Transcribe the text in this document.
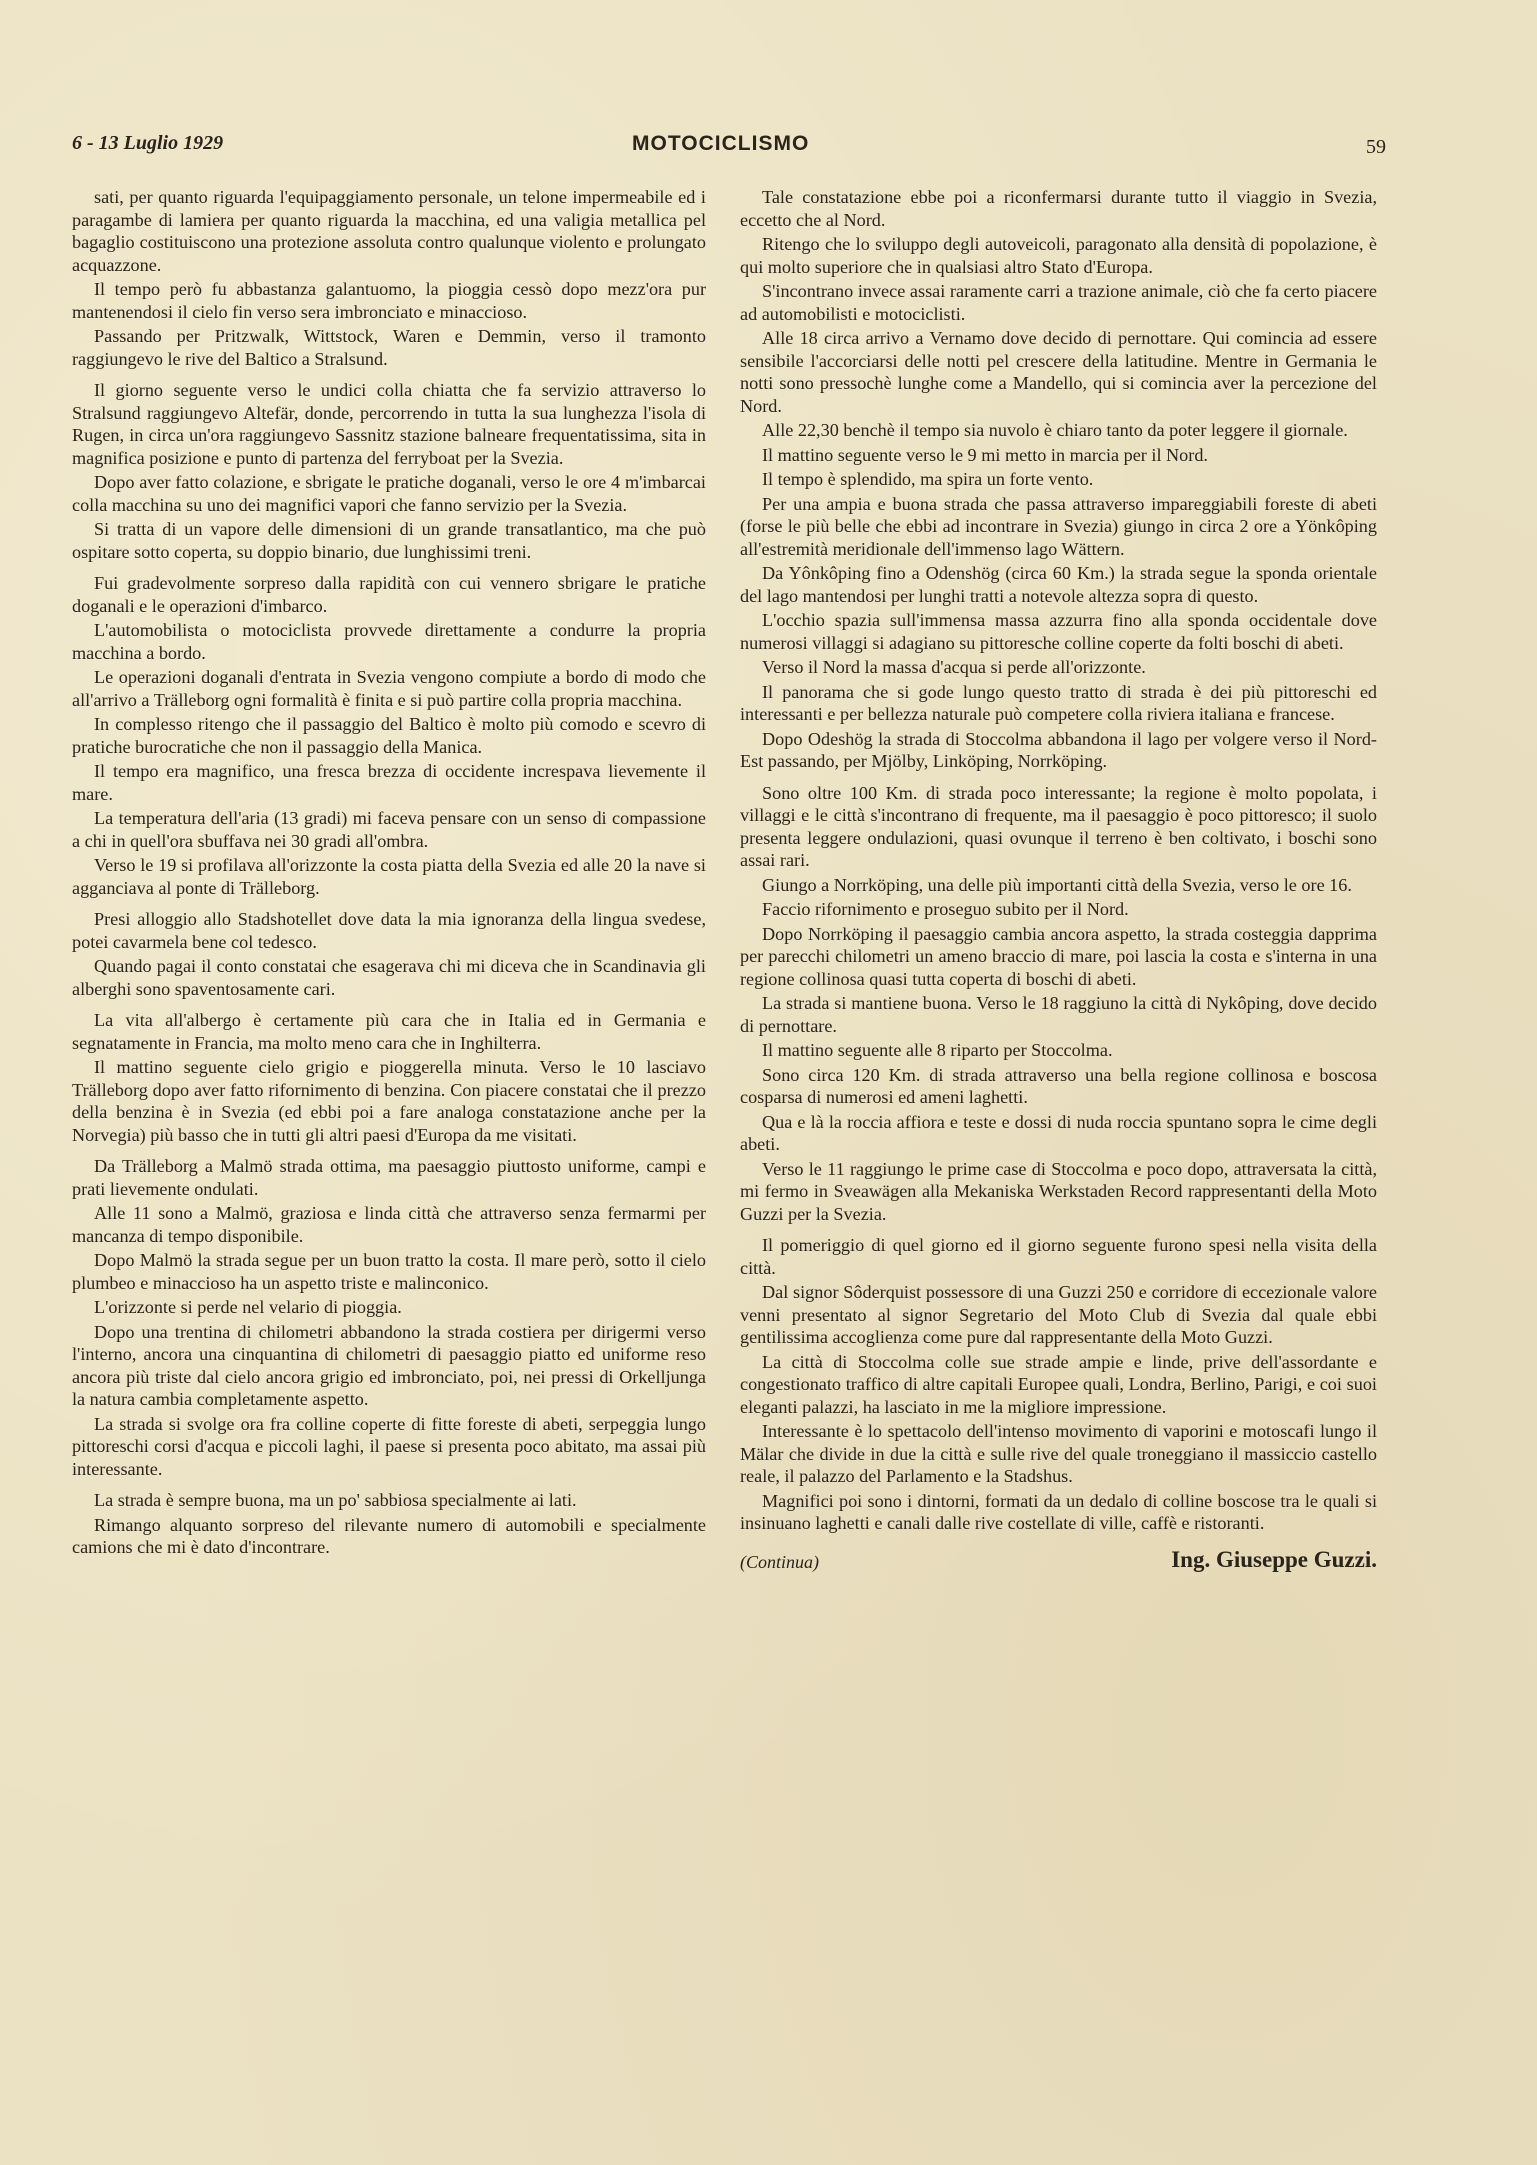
6 - 13 Luglio 1929	MOTOCICLISMO	59

sati, per quanto riguarda l'equipaggiamento personale, un telone impermeabile ed i paragambe di lamiera per quanto riguarda la macchina, ed una valigia metallica pel bagaglio costituiscono una protezione assoluta contro qualunque violento e prolungato acquazzone.

Il tempo però fu abbastanza galantuomo, la pioggia cessò dopo mezz'ora pur mantenendosi il cielo fin verso sera imbronciato e minaccioso.

Passando per Pritzwalk, Wittstock, Waren e Demmin, verso il tramonto raggiungevo le rive del Baltico a Stralsund.

Il giorno seguente verso le undici colla chiatta che fa servizio attraverso lo Stralsund raggiungevo Altefär, donde, percorrendo in tutta la sua lunghezza l'isola di Rugen, in circa un'ora raggiungevo Sassnitz stazione balneare frequentatissima, sita in magnifica posizione e punto di partenza del ferryboat per la Svezia.

Dopo aver fatto colazione, e sbrigate le pratiche doganali, verso le ore 4 m'imbarcai colla macchina su uno dei magnifici vapori che fanno servizio per la Svezia.

Si tratta di un vapore delle dimensioni di un grande transatlantico, ma che può ospitare sotto coperta, su doppio binario, due lunghissimi treni.

Fui gradevolmente sorpreso dalla rapidità con cui vennero sbrigare le pratiche doganali e le operazioni d'imbarco.

L'automobilista o motociclista provvede direttamente a condurre la propria macchina a bordo.

Le operazioni doganali d'entrata in Svezia vengono compiute a bordo di modo che all'arrivo a Trälleborg ogni formalità è finita e si può partire colla propria macchina.

In complesso ritengo che il passaggio del Baltico è molto più comodo e scevro di pratiche burocratiche che non il passaggio della Manica.

Il tempo era magnifico, una fresca brezza di occidente increspava lievemente il mare.

La temperatura dell'aria (13 gradi) mi faceva pensare con un senso di compassione a chi in quell'ora sbuffava nei 30 gradi all'ombra.

Verso le 19 si profilava all'orizzonte la costa piatta della Svezia ed alle 20 la nave si agganciava al ponte di Trälleborg.

Presi alloggio allo Stadshotellet dove data la mia ignoranza della lingua svedese, potei cavarmela bene col tedesco.

Quando pagai il conto constatai che esagerava chi mi diceva che in Scandinavia gli alberghi sono spaventosamente cari.

La vita all'albergo è certamente più cara che in Italia ed in Germania e segnatamente in Francia, ma molto meno cara che in Inghilterra.

Il mattino seguente cielo grigio e pioggerella minuta. Verso le 10 lasciavo Trälleborg dopo aver fatto rifornimento di benzina. Con piacere constatai che il prezzo della benzina è in Svezia (ed ebbi poi a fare analoga constatazione anche per la Norvegia) più basso che in tutti gli altri paesi d'Europa da me visitati.

Da Trälleborg a Malmö strada ottima, ma paesaggio piuttosto uniforme, campi e prati lievemente ondulati.

Alle 11 sono a Malmö, graziosa e linda città che attraverso senza fermarmi per mancanza di tempo disponibile.

Dopo Malmö la strada segue per un buon tratto la costa. Il mare però, sotto il cielo plumbeo e minaccioso ha un aspetto triste e malinconico.

L'orizzonte si perde nel velario di pioggia.

Dopo una trentina di chilometri abbandono la strada costiera per dirigermi verso l'interno, ancora una cinquantina di chilometri di paesaggio piatto ed uniforme reso ancora più triste dal cielo ancora grigio ed imbronciato, poi, nei pressi di Orkelljunga la natura cambia completamente aspetto.

La strada si svolge ora fra colline coperte di fitte foreste di abeti, serpeggia lungo pittoreschi corsi d'acqua e piccoli laghi, il paese si presenta poco abitato, ma assai più interessante.

La strada è sempre buona, ma un po' sabbiosa specialmente ai lati.

Rimango alquanto sorpreso del rilevante numero di automobili e specialmente camions che mi è dato d'incontrare.

Tale constatazione ebbe poi a riconfermarsi durante tutto il viaggio in Svezia, eccetto che al Nord.

Ritengo che lo sviluppo degli autoveicoli, paragonato alla densità di popolazione, è qui molto superiore che in qualsiasi altro Stato d'Europa.

S'incontrano invece assai raramente carri a trazione animale, ciò che fa certo piacere ad automobilisti e motociclisti.

Alle 18 circa arrivo a Vernamo dove decido di pernottare. Qui comincia ad essere sensibile l'accorciarsi delle notti pel crescere della latitudine. Mentre in Germania le notti sono pressochè lunghe come a Mandello, qui si comincia aver la percezione del Nord.

Alle 22,30 benchè il tempo sia nuvolo è chiaro tanto da poter leggere il giornale.

Il mattino seguente verso le 9 mi metto in marcia per il Nord.

Il tempo è splendido, ma spira un forte vento.

Per una ampia e buona strada che passa attraverso impareggiabili foreste di abeti (forse le più belle che ebbi ad incontrare in Svezia) giungo in circa 2 ore a Yönkôping all'estremità meridionale dell'immenso lago Wättern.

Da Yônkôping fino a Odenshög (circa 60 Km.) la strada segue la sponda orientale del lago mantendosi per lunghi tratti a notevole altezza sopra di questo.

L'occhio spazia sull'immensa massa azzurra fino alla sponda occidentale dove numerosi villaggi si adagiano su pittoresche colline coperte da folti boschi di abeti.

Verso il Nord la massa d'acqua si perde all'orizzonte.

Il panorama che si gode lungo questo tratto di strada è dei più pittoreschi ed interessanti e per bellezza naturale può competere colla riviera italiana e francese.

Dopo Odeshög la strada di Stoccolma abbandona il lago per volgere verso il Nord-Est passando, per Mjölby, Linköping, Norrköping.

Sono oltre 100 Km. di strada poco interessante; la regione è molto popolata, i villaggi e le città s'incontrano di frequente, ma il paesaggio è poco pittoresco; il suolo presenta leggere ondulazioni, quasi ovunque il terreno è ben coltivato, i boschi sono assai rari.

Giungo a Norrköping, una delle più importanti città della Svezia, verso le ore 16.

Faccio rifornimento e proseguo subito per il Nord.

Dopo Norrköping il paesaggio cambia ancora aspetto, la strada costeggia dapprima per parecchi chilometri un ameno braccio di mare, poi lascia la costa e s'interna in una regione collinosa quasi tutta coperta di boschi di abeti.

La strada si mantiene buona. Verso le 18 raggiuno la città di Nykôping, dove decido di pernottare.

Il mattino seguente alle 8 riparto per Stoccolma.

Sono circa 120 Km. di strada attraverso una bella regione collinosa e boscosa cosparsa di numerosi ed ameni laghetti.

Qua e là la roccia affiora e teste e dossi di nuda roccia spuntano sopra le cime degli abeti.

Verso le 11 raggiungo le prime case di Stoccolma e poco dopo, attraversata la città, mi fermo in Sveawägen alla Mekaniska Werkstaden Record rappresentanti della Moto Guzzi per la Svezia.

Il pomeriggio di quel giorno ed il giorno seguente furono spesi nella visita della città.

Dal signor Sôderquist possessore di una Guzzi 250 e corridore di eccezionale valore venni presentato al signor Segretario del Moto Club di Svezia dal quale ebbi gentilissima accoglienza come pure dal rappresentante della Moto Guzzi.

La città di Stoccolma colle sue strade ampie e linde, prive dell'assordante e congestionato traffico di altre capitali Europee quali, Londra, Berlino, Parigi, e coi suoi eleganti palazzi, ha lasciato in me la migliore impressione.

Interessante è lo spettacolo dell'intenso movimento di vaporini e motoscafi lungo il Mälar che divide in due la città e sulle rive del quale troneggiano il massiccio castello reale, il palazzo del Parlamento e la Stadshus.

Magnifici poi sono i dintorni, formati da un dedalo di colline boscose tra le quali si insinuano laghetti e canali dalle rive costellate di ville, caffè e ristoranti.

(Continua)	Ing. Giuseppe Guzzi.
